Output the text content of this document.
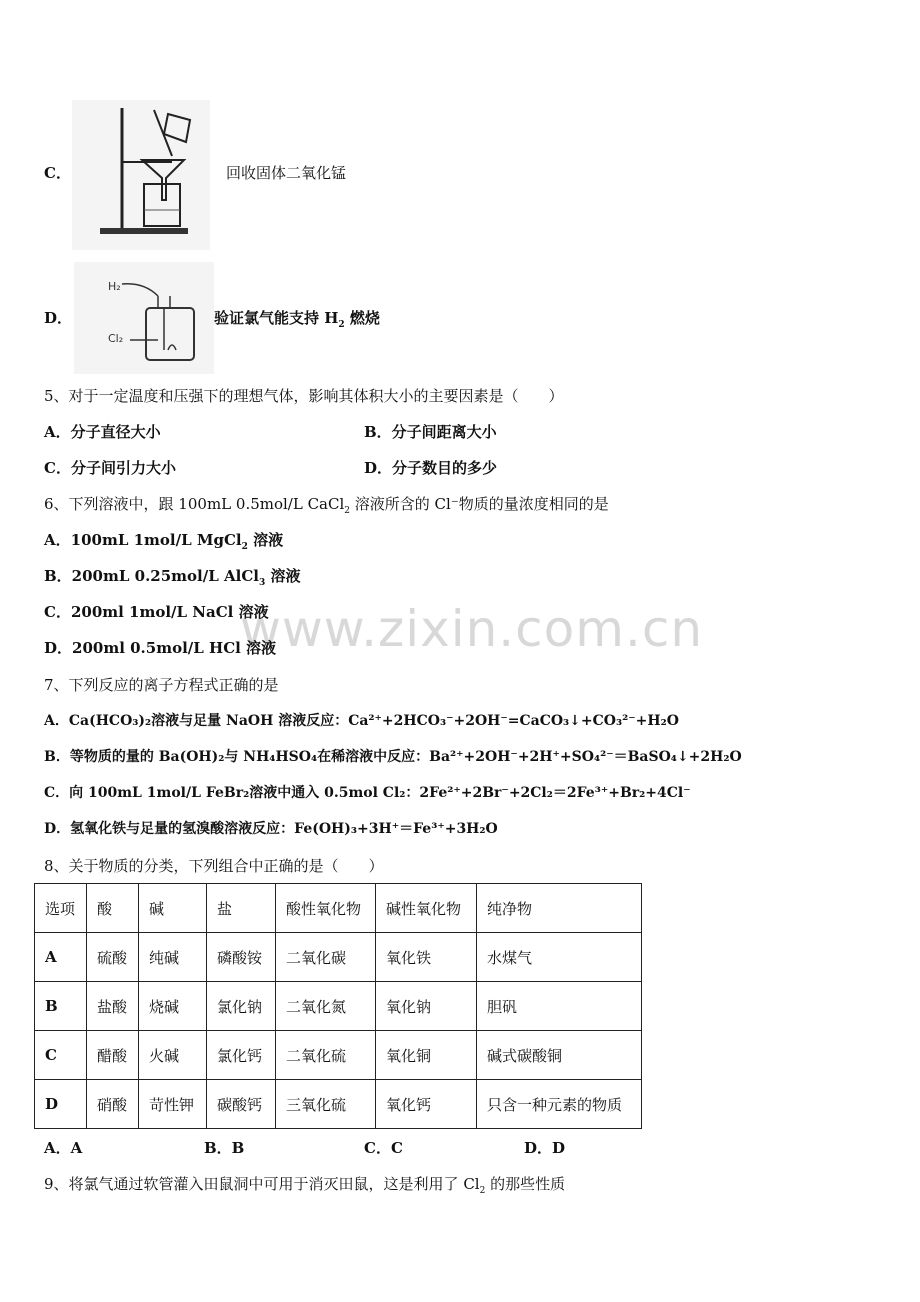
www.zixin.com.cn
C．	回收固体二氧化锰
D．
H₂
Cl₂
验证氯气能支持 $H_2$ 燃烧
5、对于一定温度和压强下的理想气体，影响其体积大小的主要因素是（　　）
A．分子直径大小	B．分子间距离大小
C．分子间引力大小	D．分子数目的多少
6、下列溶液中，跟 100mL 0.5mol/L CaCl$_2$ 溶液所含的 Cl⁻物质的量浓度相同的是
A．100mL 1mol/L MgCl$_2$ 溶液
B．200mL 0.25mol/L AlCl$_3$ 溶液
C．200ml 1mol/L NaCl 溶液
D．200ml 0.5mol/L HCl 溶液
7、下列反应的离子方程式正确的是
A．Ca(HCO₃)₂溶液与足量 NaOH 溶液反应：Ca²⁺+2HCO₃⁻+2OH⁻=CaCO₃↓+CO₃²⁻+H₂O
B．等物质的量的 Ba(OH)₂与 NH₄HSO₄在稀溶液中反应：Ba²⁺+2OH⁻+2H⁺+SO₄²⁻＝BaSO₄↓+2H₂O
C．向 100mL 1mol/L FeBr₂溶液中通入 0.5mol Cl₂：2Fe²⁺+2Br⁻+2Cl₂＝2Fe³⁺+Br₂+4Cl⁻
D．氢氧化铁与足量的氢溴酸溶液反应：Fe(OH)₃+3H⁺＝Fe³⁺+3H₂O
8、关于物质的分类，下列组合中正确的是（　　）
选项	酸	碱	盐	酸性氧化物	碱性氧化物	纯净物
A	硫酸	纯碱	磷酸铵	二氧化碳	氧化铁	水煤气
B	盐酸	烧碱	氯化钠	二氧化氮	氧化钠	胆矾
C	醋酸	火碱	氯化钙	二氧化硫	氧化铜	碱式碳酸铜
D	硝酸	苛性钾	碳酸钙	三氧化硫	氧化钙	只含一种元素的物质
A．A	B．B	C．C	D．D
9、将氯气通过软管灌入田鼠洞中可用于消灭田鼠，这是利用了 $Cl_2$ 的那些性质
